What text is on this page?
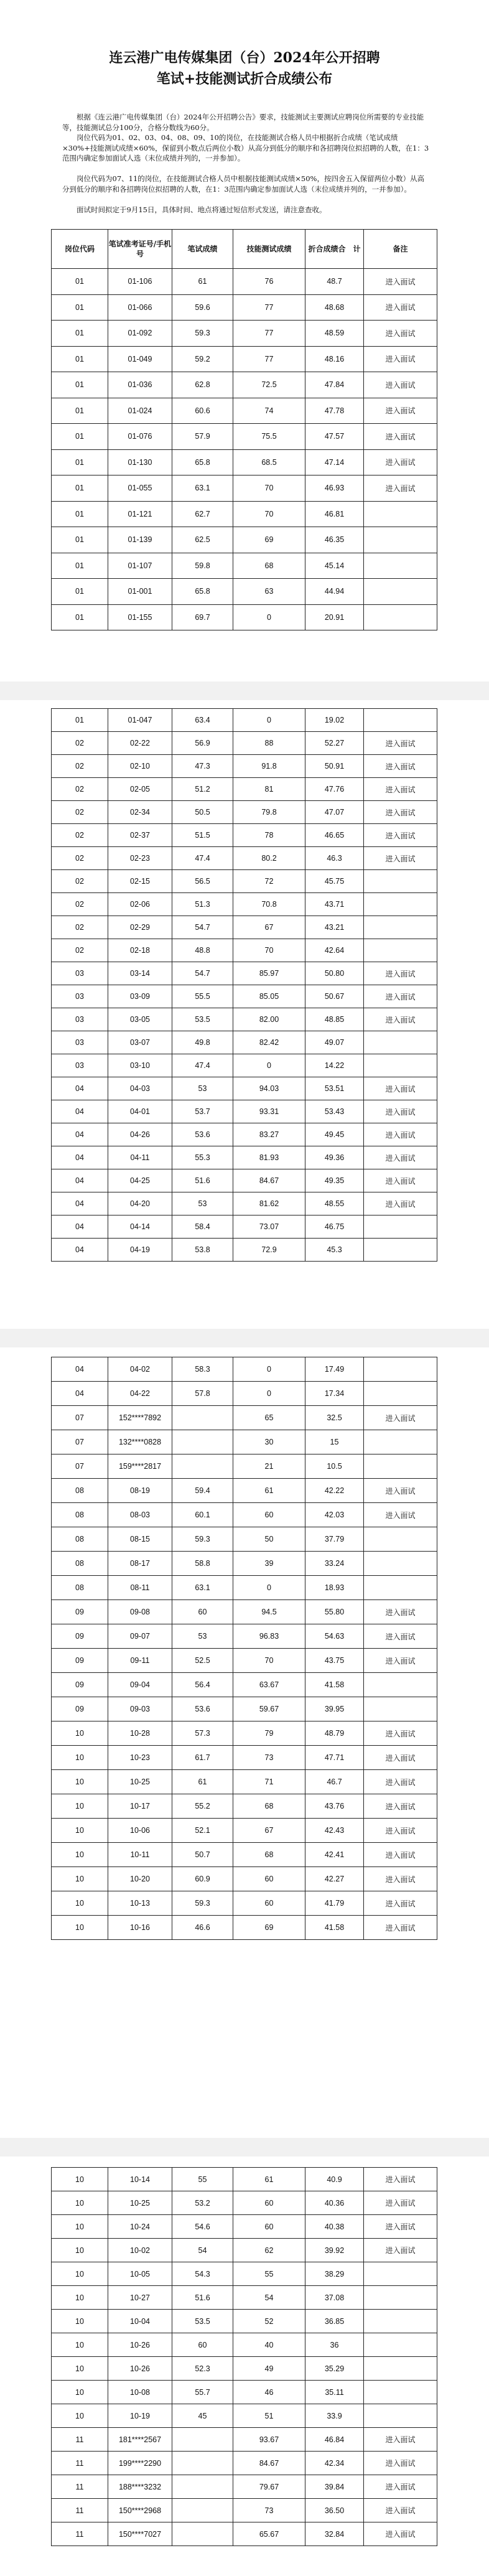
连云港广电传媒集团（台）2024年公开招聘
笔试+技能测试折合成绩公布

根据《连云港广电传媒集团（台）2024年公开招聘公告》要求，技能测试主要测试应聘岗位所需要的专业技能等，技能测试总分100分，合格分数线为60分。

岗位代码为01、02、03、04、08、09、10的岗位，在技能测试合格人员中根据折合成绩（笔试成绩×30%+技能测试成绩×60%，保留到小数点后两位小数）从高分到低分的顺序和各招聘岗位拟招聘的人数，在1：3范围内确定参加面试人选（末位成绩并列的，一并参加）。

岗位代码为07、11的岗位，在技能测试合格人员中根据技能测试成绩×50%，按四舍五入保留两位小数）从高分到低分的顺序和各招聘岗位拟招聘的人数，在1：3范围内确定参加面试人选（末位成绩并列的，一并参加）。

面试时间拟定于9月15日，具体时间、地点将通过短信形式发送，请注意查收。

岗位代码	笔试准考证号/手机号	笔试成绩	技能测试成绩	折合成绩合　计	备注
01	01-106	61	76	48.7	进入面试
01	01-066	59.6	77	48.68	进入面试
01	01-092	59.3	77	48.59	进入面试
01	01-049	59.2	77	48.16	进入面试
01	01-036	62.8	72.5	47.84	进入面试
01	01-024	60.6	74	47.78	进入面试
01	01-076	57.9	75.5	47.57	进入面试
01	01-130	65.8	68.5	47.14	进入面试
01	01-055	63.1	70	46.93	进入面试
01	01-121	62.7	70	46.81	
01	01-139	62.5	69	46.35	
01	01-107	59.8	68	45.14	
01	01-001	65.8	63	44.94	
01	01-155	69.7	0	20.91	
01	01-047	63.4	0	19.02	
02	02-22	56.9	88	52.27	进入面试
02	02-10	47.3	91.8	50.91	进入面试
02	02-05	51.2	81	47.76	进入面试
02	02-34	50.5	79.8	47.07	进入面试
02	02-37	51.5	78	46.65	进入面试
02	02-23	47.4	80.2	46.3	进入面试
02	02-15	56.5	72	45.75	
02	02-06	51.3	70.8	43.71	
02	02-29	54.7	67	43.21	
02	02-18	48.8	70	42.64	
03	03-14	54.7	85.97	50.80	进入面试
03	03-09	55.5	85.05	50.67	进入面试
03	03-05	53.5	82.00	48.85	进入面试
03	03-07	49.8	82.42	49.07	
03	03-10	47.4	0	14.22	
04	04-03	53	94.03	53.51	进入面试
04	04-01	53.7	93.31	53.43	进入面试
04	04-26	53.6	83.27	49.45	进入面试
04	04-11	55.3	81.93	49.36	进入面试
04	04-25	51.6	84.67	49.35	进入面试
04	04-20	53	81.62	48.55	进入面试
04	04-14	58.4	73.07	46.75	
04	04-19	53.8	72.9	45.3	
04	04-02	58.3	0	17.49	
04	04-22	57.8	0	17.34	
07	152****7892		65	32.5	进入面试
07	132****0828		30	15	
07	159****2817		21	10.5	
08	08-19	59.4	61	42.22	进入面试
08	08-03	60.1	60	42.03	进入面试
08	08-15	59.3	50	37.79	
08	08-17	58.8	39	33.24	
08	08-11	63.1	0	18.93	
09	09-08	60	94.5	55.80	进入面试
09	09-07	53	96.83	54.63	进入面试
09	09-11	52.5	70	43.75	进入面试
09	09-04	56.4	63.67	41.58	
09	09-03	53.6	59.67	39.95	
10	10-28	57.3	79	48.79	进入面试
10	10-23	61.7	73	47.71	进入面试
10	10-25	61	71	46.7	进入面试
10	10-17	55.2	68	43.76	进入面试
10	10-06	52.1	67	42.43	进入面试
10	10-11	50.7	68	42.41	进入面试
10	10-20	60.9	60	42.27	进入面试
10	10-13	59.3	60	41.79	进入面试
10	10-16	46.6	69	41.58	进入面试
10	10-14	55	61	40.9	进入面试
10	10-25	53.2	60	40.36	进入面试
10	10-24	54.6	60	40.38	进入面试
10	10-02	54	62	39.92	进入面试
10	10-05	54.3	55	38.29	
10	10-27	51.6	54	37.08	
10	10-04	53.5	52	36.85	
10	10-26	60	40	36	
10	10-26	52.3	49	35.29	
10	10-08	55.7	46	35.11	
10	10-19	45	51	33.9	
11	181****2567		93.67	46.84	进入面试
11	199****2290		84.67	42.34	进入面试
11	188****3232		79.67	39.84	进入面试
11	150****2968		73	36.50	进入面试
11	150****7027		65.67	32.84	进入面试
